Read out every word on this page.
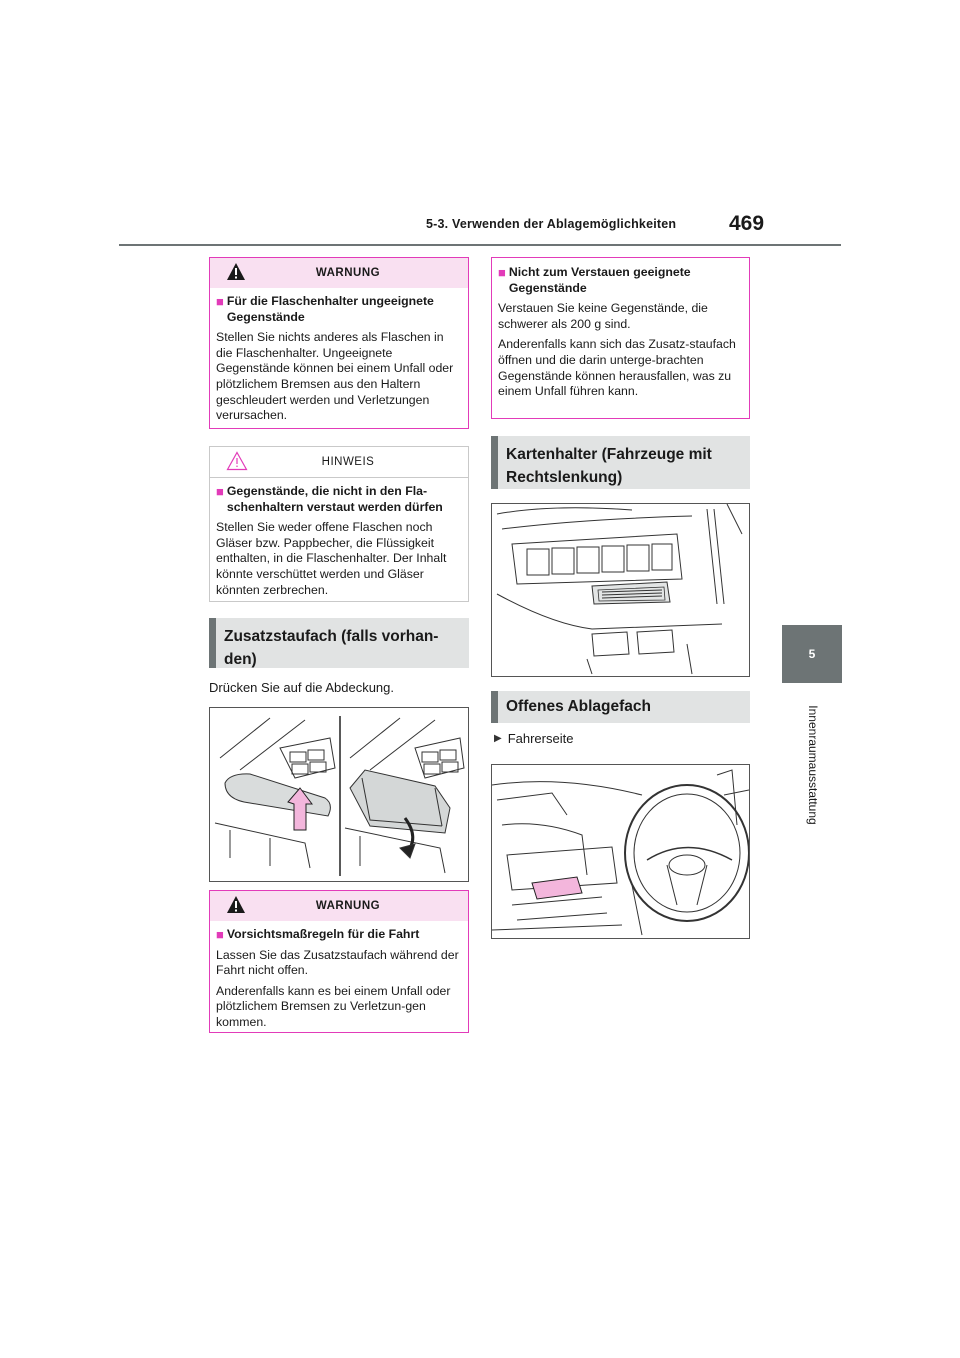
5-3. Verwenden der Ablagemöglichkeiten	469
5
Innenraumausstattung
WARNUNG
■ Für die Flaschenhalter ungeeignete Gegenstände
Stellen Sie nichts anderes als Flaschen in die Flaschenhalter. Ungeeignete Gegenstände können bei einem Unfall oder plötzlichem Bremsen aus den Haltern geschleudert werden und Verletzungen verursachen.
HINWEIS
■ Gegenstände, die nicht in den Fla-schenhaltern verstaut werden dürfen
Stellen Sie weder offene Flaschen noch Gläser bzw. Pappbecher, die Flüssigkeit enthalten, in die Flaschenhalter. Der Inhalt könnte verschüttet werden und Gläser könnten zerbrechen.
Zusatzstaufach (falls vorhan-den)
Drücken Sie auf die Abdeckung.
WARNUNG
■ Vorsichtsmaßregeln für die Fahrt
Lassen Sie das Zusatzstaufach während der Fahrt nicht offen.
Anderenfalls kann es bei einem Unfall oder plötzlichem Bremsen zu Verletzun-gen kommen.
■ Nicht zum Verstauen geeignete Gegenstände
Verstauen Sie keine Gegenstände, die schwerer als 200 g sind.
Anderenfalls kann sich das Zusatz-staufach öffnen und die darin unterge-brachten Gegenstände können herausfallen, was zu einem Unfall führen kann.
Kartenhalter (Fahrzeuge mit Rechtslenkung)
Offenes Ablagefach
▶ Fahrerseite
